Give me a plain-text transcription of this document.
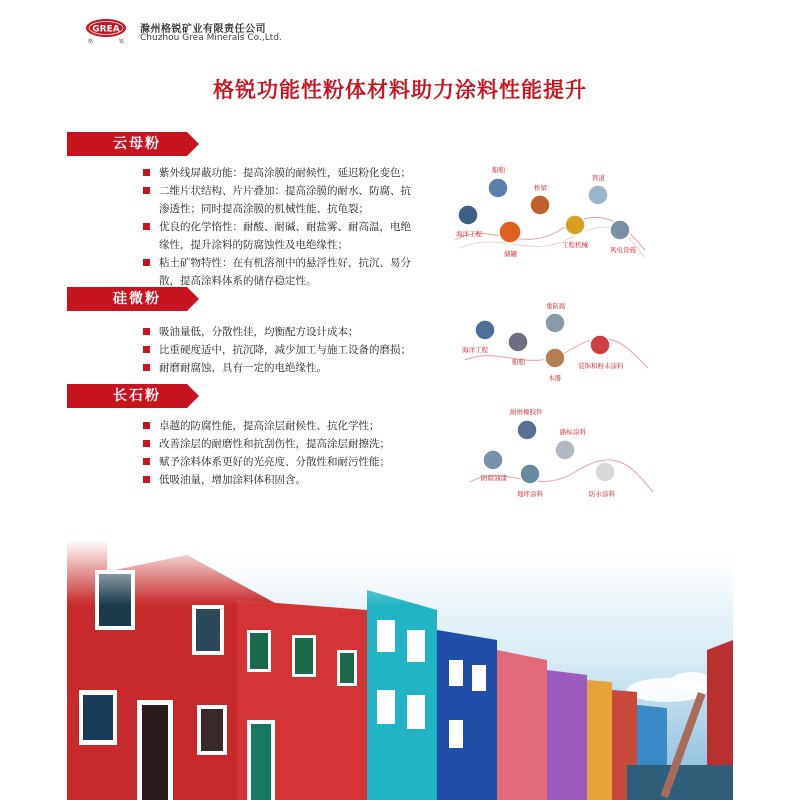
GREA
格	锐
滁州格锐矿业有限责任公司
Chuzhou Grea Minerals Co.,Ltd.
格锐功能性粉体材料助力涂料性能提升
云母粉
紫外线屏蔽功能：提高涂膜的耐候性，延迟粉化变色；
二维片状结构、片片叠加：提高涂膜的耐水、防腐、抗
渗透性；同时提高涂膜的机械性能、抗龟裂；
优良的化学惰性：耐酸、耐碱、耐盐雾、耐高温，电绝
缘性，提升涂料的防腐蚀性及电绝缘性；
粘土矿物特性：在有机溶剂中的悬浮性好，抗沉、易分
散，提高涂料体系的储存稳定性。
船舶
桥梁
管道
海洋工程
储罐
工程机械
风电设施
硅微粉
吸油量低，分散性佳，均衡配方设计成本；
比重硬度适中，抗沉降，减少加工与施工设备的磨损；
耐磨耐腐蚀，具有一定的电绝缘性。
重防腐
海洋工程
船舶
木器
装饰和粉末涂料
长石粉
卓越的防腐性能，提高涂层耐候性、抗化学性；
改善涂层的耐磨性和抗刮伤性，提高涂层耐擦洗；
赋予涂料体系更好的光亮度、分散性和耐污性能；
低吸油量，增加涂料体积固含。
耐磨橡胶件
路标涂料
防腐油漆
地坪涂料	防水涂料
